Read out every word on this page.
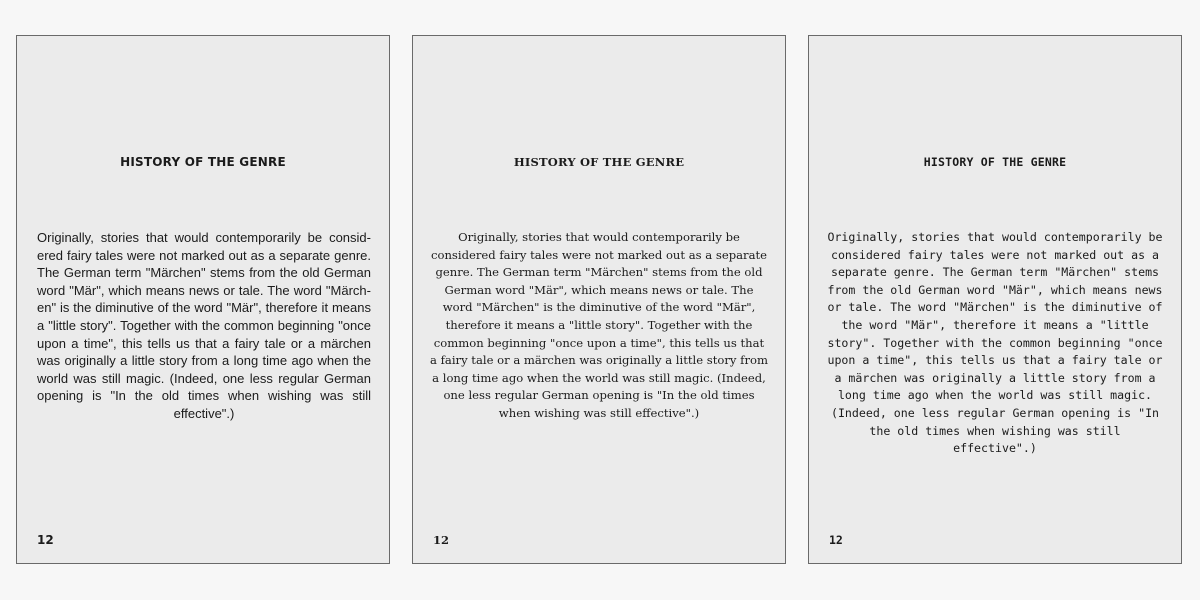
HISTORY OF THE GENRE

Originally, stories that would contemporarily be considered fairy tales were not marked out as a separate genre. The German term "Märchen" stems from the old German word "Mär", which means news or tale. The word "Märchen" is the diminutive of the word "Mär", therefore it means a "little story". Together with the common beginning "once upon a time", this tells us that a fairy tale or a märchen was originally a little story from a long time ago when the world was still magic. (Indeed, one less regular German opening is "In the old times when wishing was still effective".)

12
HISTORY OF THE GENRE

Originally, stories that would contemporarily be considered fairy tales were not marked out as a separate genre. The German term "Märchen" stems from the old German word "Mär", which means news or tale. The word "Märchen" is the diminutive of the word "Mär", therefore it means a "little story". Together with the common beginning "once upon a time", this tells us that a fairy tale or a märchen was originally a little story from a long time ago when the world was still magic. (Indeed, one less regular German opening is "In the old times when wishing was still effective".)

12
HISTORY OF THE GENRE

Originally, stories that would contemporarily be considered fairy tales were not marked out as a separate genre. The German term "Märchen" stems from the old German word "Mär", which means news or tale. The word "Märchen" is the diminutive of the word "Mär", therefore it means a "little story". Together with the common beginning "once upon a time", this tells us that a fairy tale or a märchen was originally a little story from a long time ago when the world was still magic. (Indeed, one less regular German opening is "In the old times when wishing was still effective".)

12
